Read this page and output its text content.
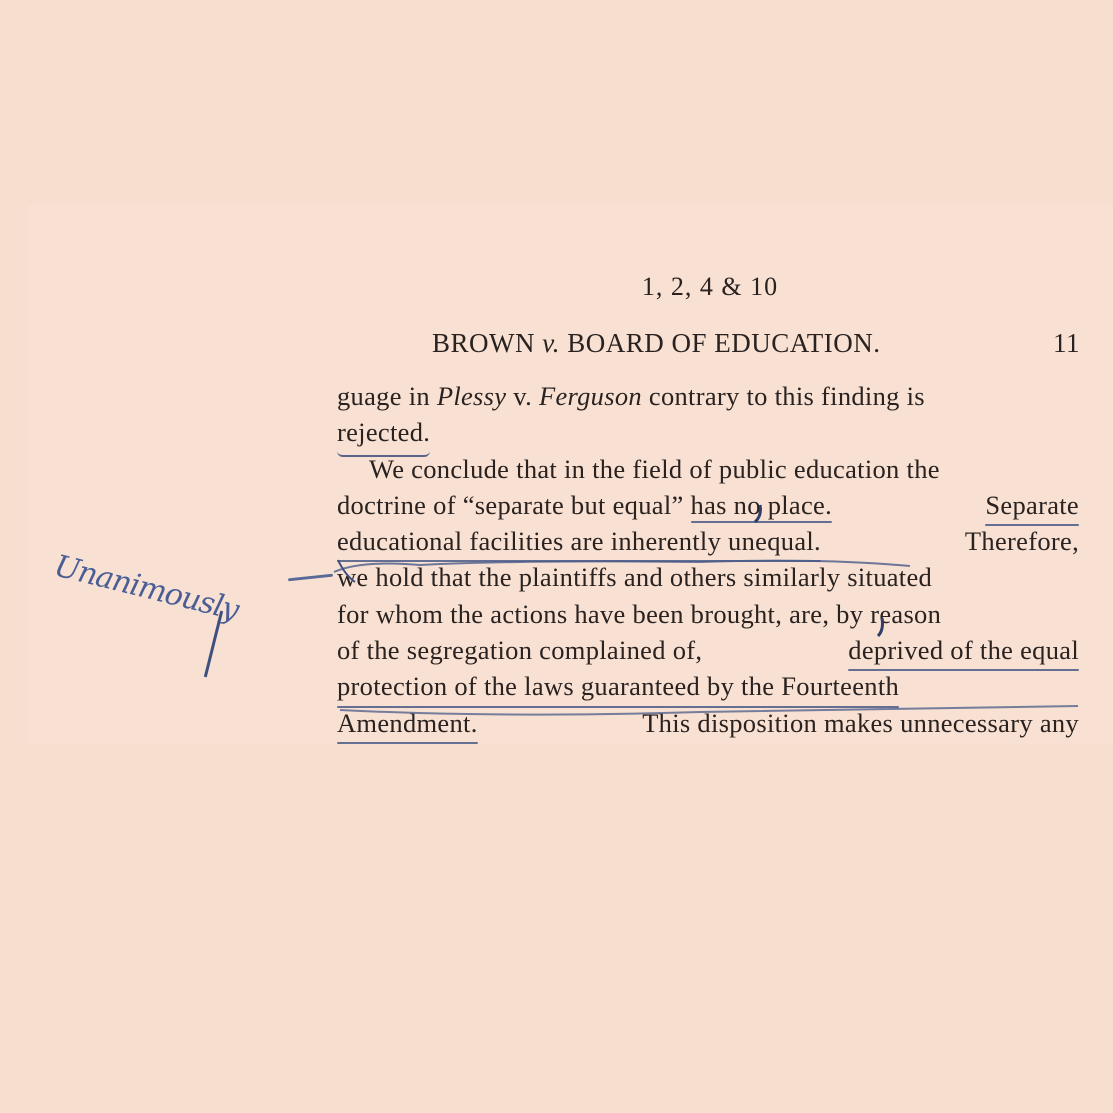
1, 2, 4 & 10
BROWN v. BOARD OF EDUCATION.	11
guage in Plessy v. Ferguson contrary to this finding is
rejected.
We conclude that in the field of public education the
doctrine of “separate but equal” has no place.	Separate
educational facilities are inherently unequal.	Therefore,
we hold that the plaintiffs and others similarly situated
for whom the actions have been brought, are, by reason
of the segregation complained of,	deprived of the equal
protection of the laws guaranteed by the Fourteenth
Amendment.	This disposition makes unnecessary any
Unanimously
